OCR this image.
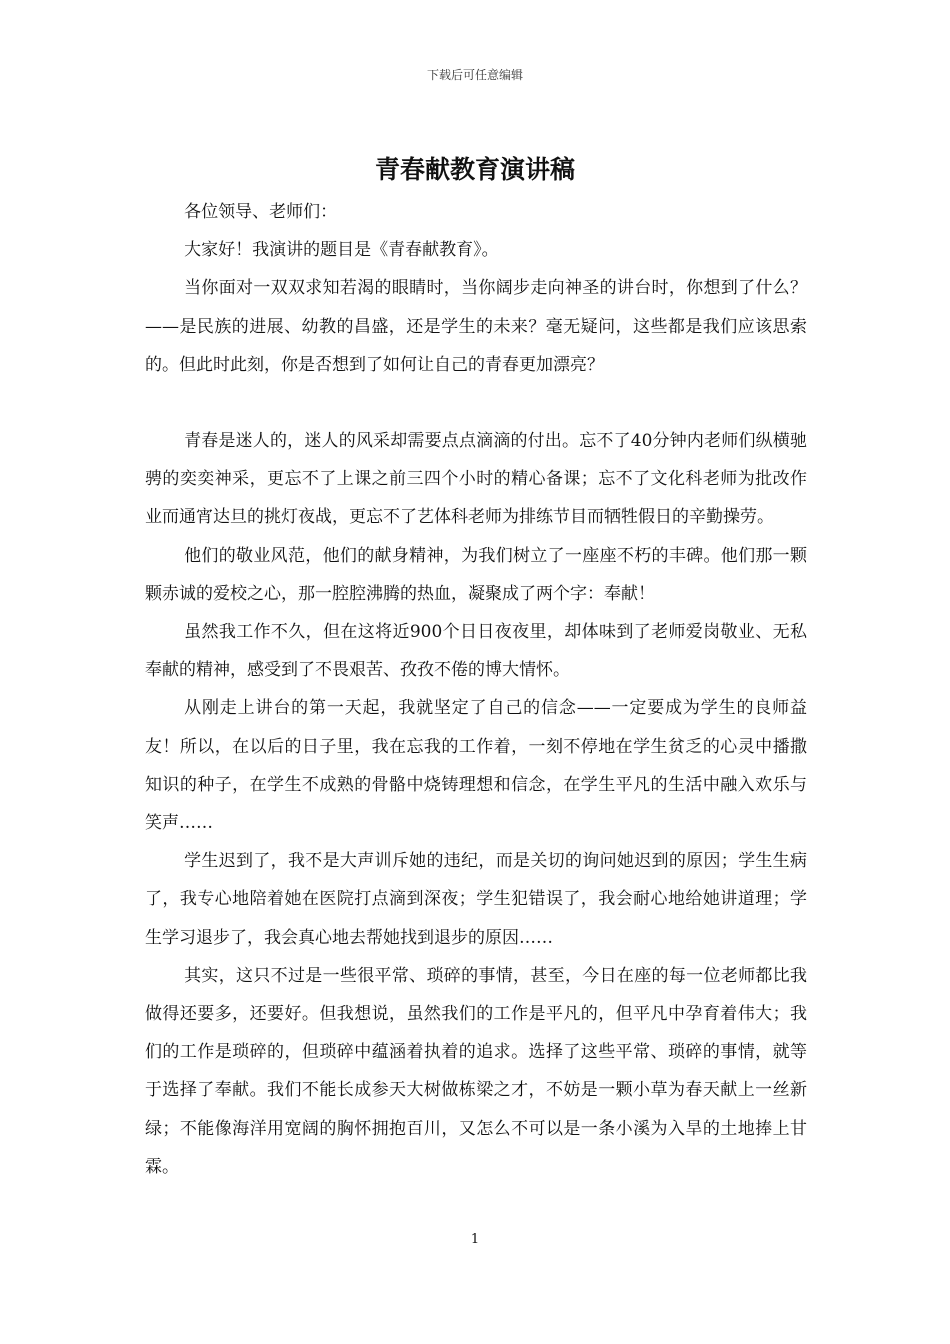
下载后可任意编辑
青春献教育演讲稿

各位领导、老师们：

大家好！我演讲的题目是《青春献教育》。

当你面对一双双求知若渴的眼睛时，当你阔步走向神圣的讲台时，你想到了什么？——是民族的进展、幼教的昌盛，还是学生的未来？毫无疑问，这些都是我们应该思索的。但此时此刻，你是否想到了如何让自己的青春更加漂亮？

青春是迷人的，迷人的风采却需要点点滴滴的付出。忘不了40分钟内老师们纵横驰骋的奕奕神采，更忘不了上课之前三四个小时的精心备课；忘不了文化科老师为批改作业而通宵达旦的挑灯夜战，更忘不了艺体科老师为排练节目而牺牲假日的辛勤操劳。

他们的敬业风范，他们的献身精神，为我们树立了一座座不朽的丰碑。他们那一颗颗赤诚的爱校之心，那一腔腔沸腾的热血，凝聚成了两个字：奉献！

虽然我工作不久，但在这将近900个日日夜夜里，却体味到了老师爱岗敬业、无私奉献的精神，感受到了不畏艰苦、孜孜不倦的博大情怀。

从刚走上讲台的第一天起，我就坚定了自己的信念——一定要成为学生的良师益友！所以，在以后的日子里，我在忘我的工作着，一刻不停地在学生贫乏的心灵中播撒知识的种子，在学生不成熟的骨骼中烧铸理想和信念，在学生平凡的生活中融入欢乐与笑声……

学生迟到了，我不是大声训斥她的违纪，而是关切的询问她迟到的原因；学生生病了，我专心地陪着她在医院打点滴到深夜；学生犯错误了，我会耐心地给她讲道理；学生学习退步了，我会真心地去帮她找到退步的原因……

其实，这只不过是一些很平常、琐碎的事情，甚至，今日在座的每一位老师都比我做得还要多，还要好。但我想说，虽然我们的工作是平凡的，但平凡中孕育着伟大；我们的工作是琐碎的，但琐碎中蕴涵着执着的追求。选择了这些平常、琐碎的事情，就等于选择了奉献。我们不能长成参天大树做栋梁之才，不妨是一颗小草为春天献上一丝新绿；不能像海洋用宽阔的胸怀拥抱百川，又怎么不可以是一条小溪为入旱的土地捧上甘霖。

1
